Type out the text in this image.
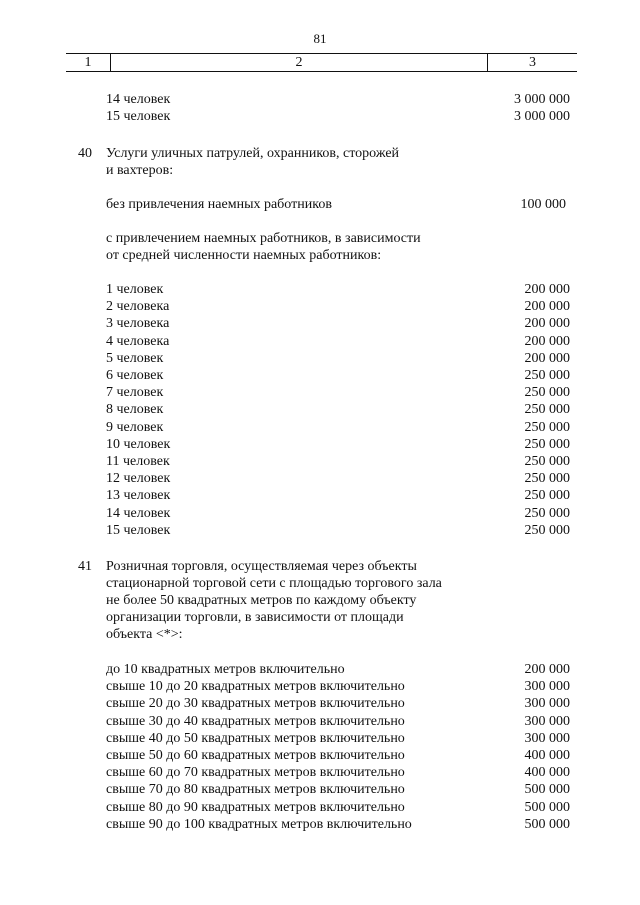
81
1	2	3
14 человек	3 000 000
15 человек	3 000 000
40 Услуги уличных патрулей, охранников, сторожей
и вахтеров:
без привлечения наемных работников	100 000
с привлечением наемных работников, в зависимости
от средней численности наемных работников:
1 человек	200 000
2 человека	200 000
3 человека	200 000
4 человека	200 000
5 человек	200 000
6 человек	250 000
7 человек	250 000
8 человек	250 000
9 человек	250 000
10 человек	250 000
11 человек	250 000
12 человек	250 000
13 человек	250 000
14 человек	250 000
15 человек	250 000
41 Розничная торговля, осуществляемая через объекты
стационарной торговой сети с площадью торгового зала
не более 50 квадратных метров по каждому объекту
организации торговли, в зависимости от площади
объекта <*>:
до 10 квадратных метров включительно	200 000
свыше 10 до 20 квадратных метров включительно	300 000
свыше 20 до 30 квадратных метров включительно	300 000
свыше 30 до 40 квадратных метров включительно	300 000
свыше 40 до 50 квадратных метров включительно	300 000
свыше 50 до 60 квадратных метров включительно	400 000
свыше 60 до 70 квадратных метров включительно	400 000
свыше 70 до 80 квадратных метров включительно	500 000
свыше 80 до 90 квадратных метров включительно	500 000
свыше 90 до 100 квадратных метров включительно	500 000
